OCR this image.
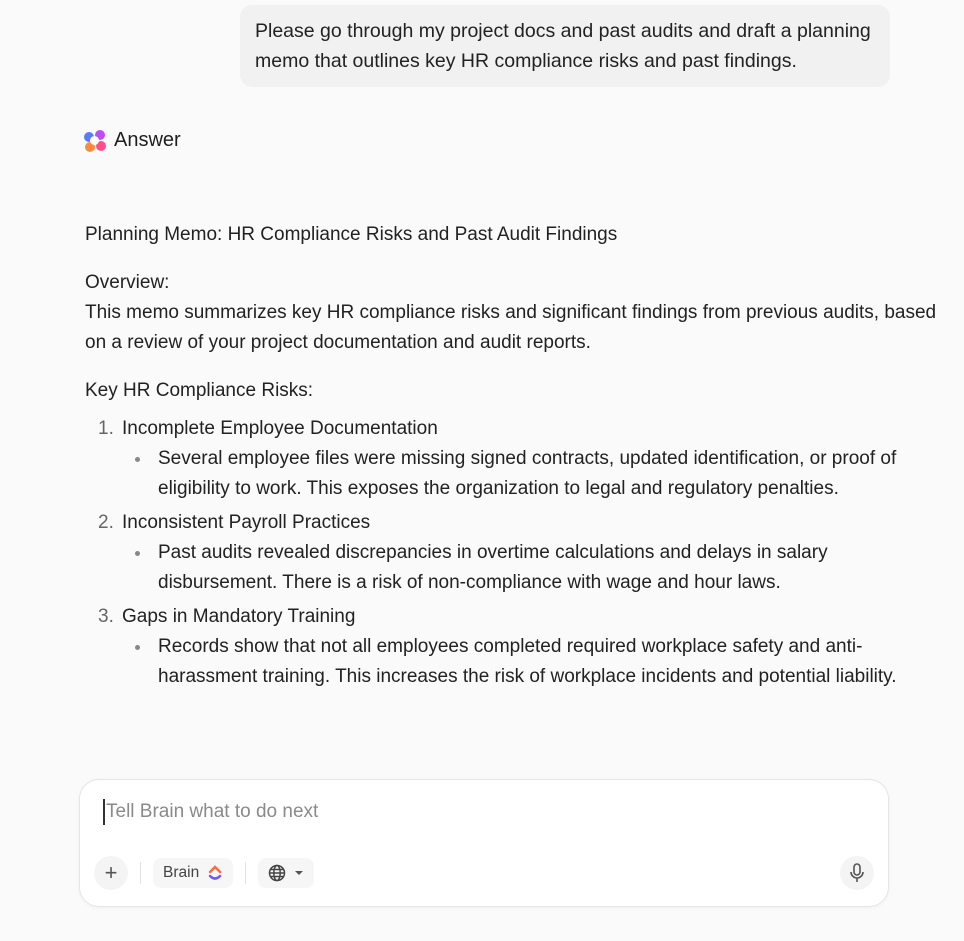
Please go through my project docs and past audits and draft a planning memo that outlines key HR compliance risks and past findings.
Answer

Planning Memo: HR Compliance Risks and Past Audit Findings

Overview:

This memo summarizes key HR compliance risks and significant findings from previous audits, based on a review of your project documentation and audit reports.

Key HR Compliance Risks:

1. Incomplete Employee Documentation
Several employee files were missing signed contracts, updated identification, or proof of eligibility to work. This exposes the organization to legal and regulatory penalties.
2. Inconsistent Payroll Practices
Past audits revealed discrepancies in overtime calculations and delays in salary disbursement. There is a risk of non-compliance with wage and hour laws.
3. Gaps in Mandatory Training
Records show that not all employees completed required workplace safety and anti-harassment training. This increases the risk of workplace incidents and potential liability.
Tell Brain what to do next
+	Brain
